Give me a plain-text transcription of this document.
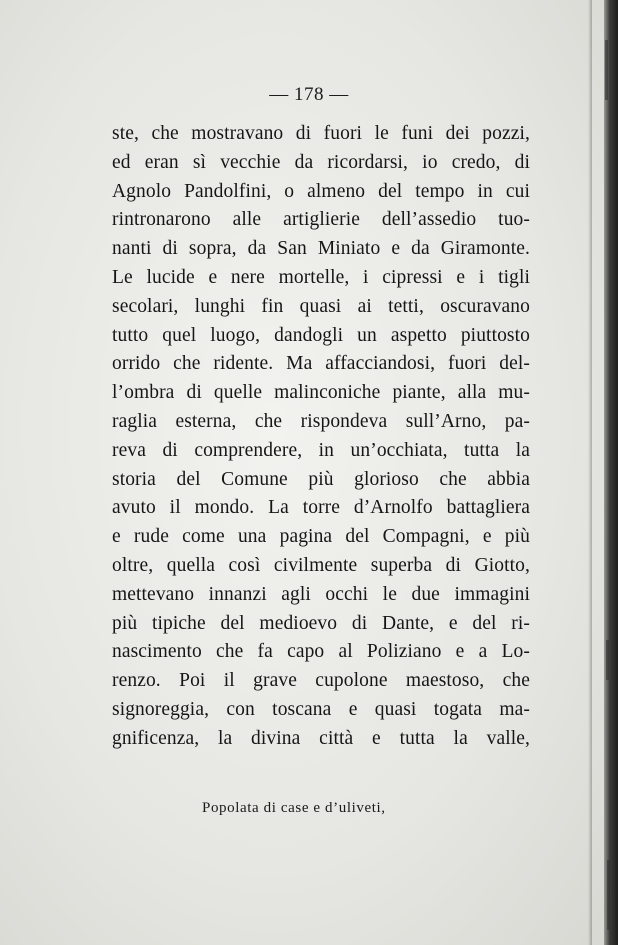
— 178 —
ste, che mostravano di fuori le funi dei pozzi,
ed eran sì vecchie da ricordarsi, io credo, di
Agnolo Pandolfini, o almeno del tempo in cui
rintronarono alle artiglierie dell’assedio tuo-
nanti di sopra, da San Miniato e da Giramonte.
Le lucide e nere mortelle, i cipressi e i tigli
secolari, lunghi fin quasi ai tetti, oscuravano
tutto quel luogo, dandogli un aspetto piuttosto
orrido che ridente. Ma affacciandosi, fuori del-
l’ombra di quelle malinconiche piante, alla mu-
raglia esterna, che rispondeva sull’Arno, pa-
reva di comprendere, in un’occhiata, tutta la
storia del Comune più glorioso che abbia
avuto il mondo. La torre d’Arnolfo battagliera
e rude come una pagina del Compagni, e più
oltre, quella così civilmente superba di Giotto,
mettevano innanzi agli occhi le due immagini
più tipiche del medioevo di Dante, e del ri-
nascimento che fa capo al Poliziano e a Lo-
renzo. Poi il grave cupolone maestoso, che
signoreggia, con toscana e quasi togata ma-
gnificenza, la divina città e tutta la valle,
Popolata di case e d’uliveti,
